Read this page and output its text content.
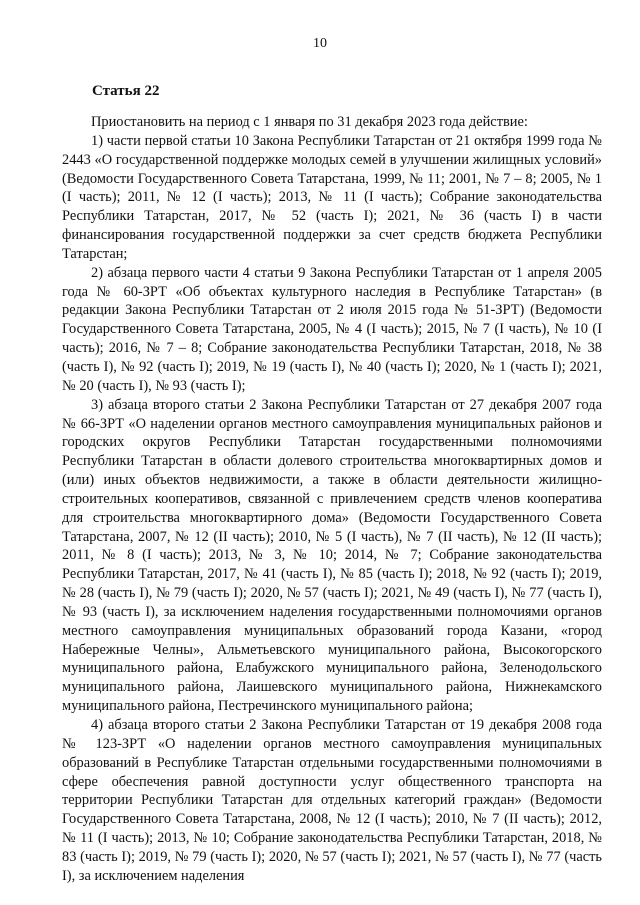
10
Статья 22

Приостановить на период с 1 января по 31 декабря 2023 года действие:

1) части первой статьи 10 Закона Республики Татарстан от 21 октября 1999 года № 2443 «О государственной поддержке молодых семей в улучшении жилищных условий» (Ведомости Государственного Совета Татарстана, 1999, № 11; 2001, № 7 – 8; 2005, № 1 (I часть); 2011, № 12 (I часть); 2013, № 11 (I часть); Собрание законодательства Республики Татарстан, 2017, № 52 (часть I); 2021, № 36 (часть I) в части финансирования государственной поддержки за счет средств бюджета Республики Татарстан;

2) абзаца первого части 4 статьи 9 Закона Республики Татарстан от 1 апреля 2005 года № 60-ЗРТ «Об объектах культурного наследия в Республике Татарстан» (в редакции Закона Республики Татарстан от 2 июля 2015 года № 51-ЗРТ) (Ведомости Государственного Совета Татарстана, 2005, № 4 (I часть); 2015, № 7 (I часть), № 10 (I часть); 2016, № 7 – 8; Собрание законодательства Республики Татарстан, 2018, № 38 (часть I), № 92 (часть I); 2019, № 19 (часть I), № 40 (часть I); 2020, № 1 (часть I); 2021, № 20 (часть I), № 93 (часть I);

3) абзаца второго статьи 2 Закона Республики Татарстан от 27 декабря 2007 года № 66-ЗРТ «О наделении органов местного самоуправления муниципальных районов и городских округов Республики Татарстан государственными полномочиями Республики Татарстан в области долевого строительства многоквартирных домов и (или) иных объектов недвижимости, а также в области деятельности жилищно-строительных кооперативов, связанной с привлечением средств членов кооператива для строительства многоквартирного дома» (Ведомости Государственного Совета Татарстана, 2007, № 12 (II часть); 2010, № 5 (I часть), № 7 (II часть), № 12 (II часть); 2011, № 8 (I часть); 2013, № 3, № 10; 2014, № 7; Собрание законодательства Республики Татарстан, 2017, № 41 (часть I), № 85 (часть I); 2018, № 92 (часть I); 2019, № 28 (часть I), № 79 (часть I); 2020, № 57 (часть I); 2021, № 49 (часть I), № 77 (часть I), № 93 (часть I), за исключением наделения государственными полномочиями органов местного самоуправления муниципальных образований города Казани, «город Набережные Челны», Альметьевского муниципального района, Высокогорского муниципального района, Елабужского муниципального района, Зеленодольского муниципального района, Лаишевского муниципального района, Нижнекамского муниципального района, Пестречинского муниципального района;

4) абзаца второго статьи 2 Закона Республики Татарстан от 19 декабря 2008 года № 123-ЗРТ «О наделении органов местного самоуправления муниципальных образований в Республике Татарстан отдельными государственными полномочиями в сфере обеспечения равной доступности услуг общественного транспорта на территории Республики Татарстан для отдельных категорий граждан» (Ведомости Государственного Совета Татарстана, 2008, № 12 (I часть); 2010, № 7 (II часть); 2012, № 11 (I часть); 2013, № 10; Собрание законодательства Республики Татарстан, 2018, № 83 (часть I); 2019, № 79 (часть I); 2020, № 57 (часть I); 2021, № 57 (часть I), № 77 (часть I), за исключением наделения
